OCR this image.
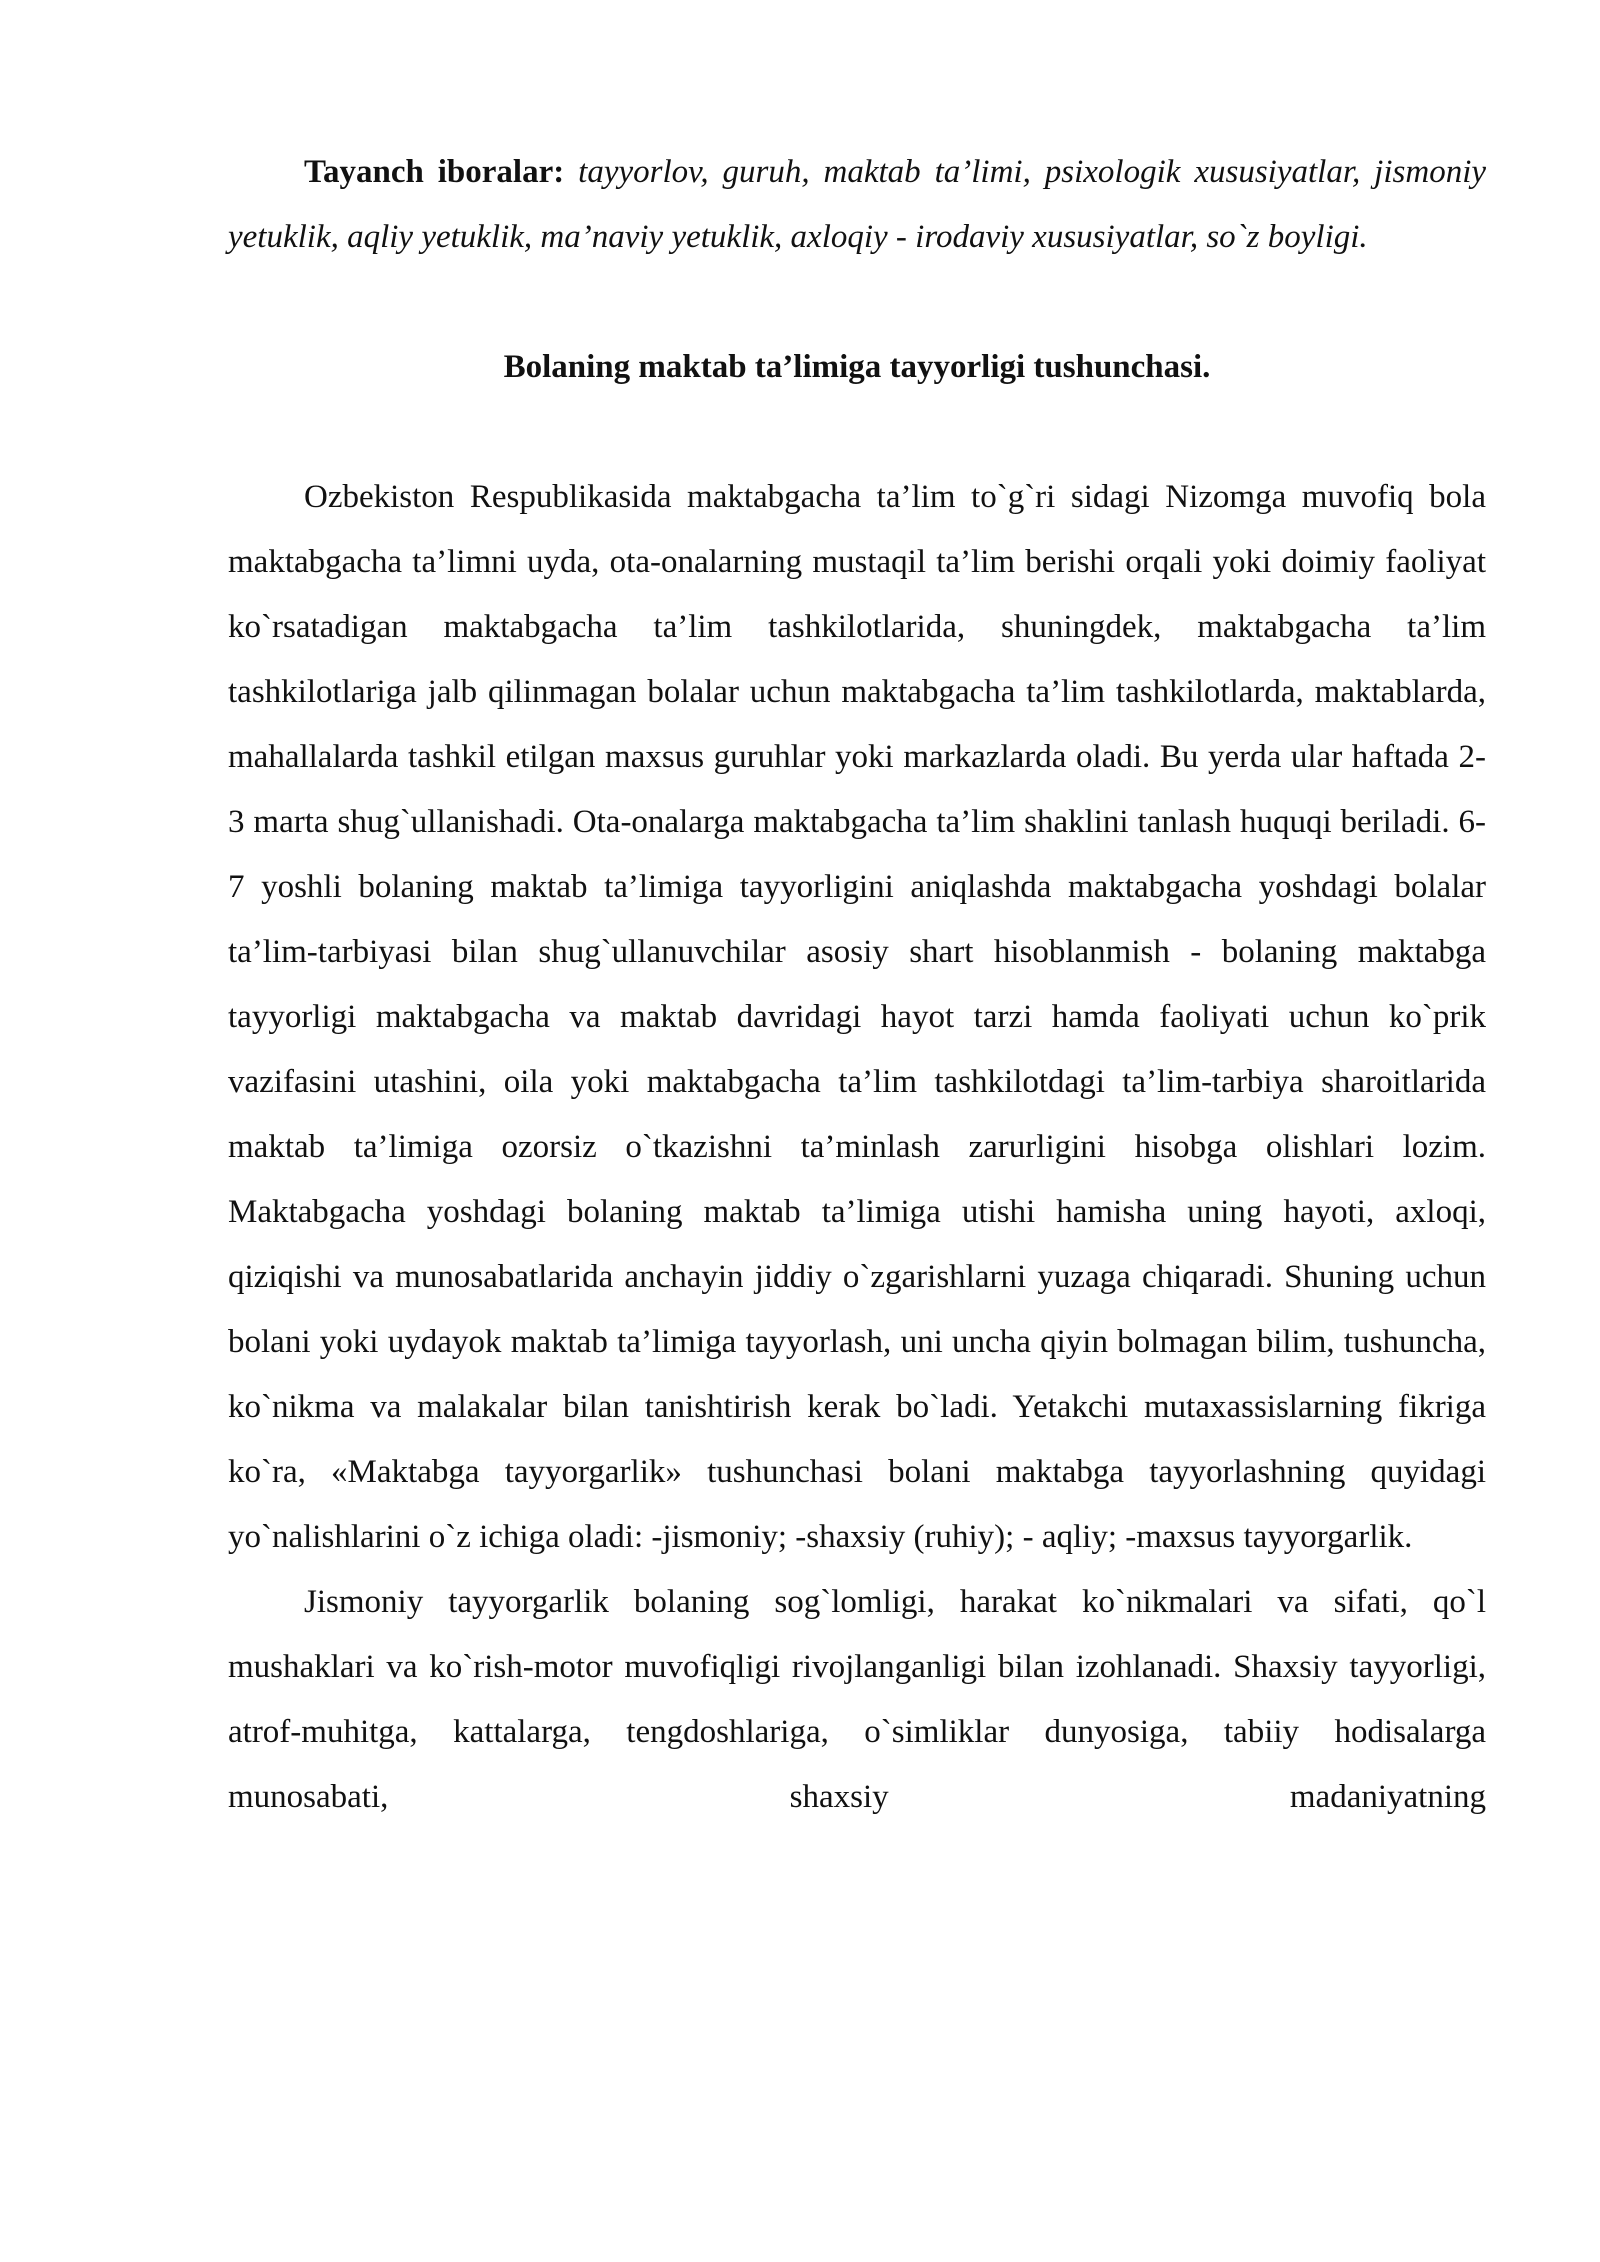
Tayanch iboralar: tayyorlov, guruh, maktab ta’limi, psixologik xususiyatlar, jismoniy yetuklik, aqliy yetuklik, ma’naviy yetuklik, axloqiy - irodaviy xususiyatlar, so`z boyligi.

Bolaning maktab ta’limiga tayyorligi tushunchasi.

Ozbekiston Respublikasida maktabgacha ta’lim to`g`ri sidagi Nizomga muvofiq bola maktabgacha ta’limni uyda, ota-onalarning mustaqil ta’lim berishi orqali yoki doimiy faoliyat ko`rsatadigan maktabgacha ta’lim tashkilotlarida, shuningdek, maktabgacha ta’lim tashkilotlariga jalb qilinmagan bolalar uchun maktabgacha ta’lim tashkilotlarda, maktablarda, mahallalarda tashkil etilgan maxsus guruhlar yoki markazlarda oladi. Bu yerda ular haftada 2-3 marta shug`ullanishadi. Ota-onalarga maktabgacha ta’lim shaklini tanlash huquqi beriladi. 6-7 yoshli bolaning maktab ta’limiga tayyorligini aniqlashda maktabgacha yoshdagi bolalar ta’lim-tarbiyasi bilan shug`ullanuvchilar asosiy shart hisoblanmish - bolaning maktabga tayyorligi maktabgacha va maktab davridagi hayot tarzi hamda faoliyati uchun ko`prik vazifasini utashini, oila yoki maktabgacha ta’lim tashkilotdagi ta’lim-tarbiya sharoitlarida maktab ta’limiga ozorsiz o`tkazishni ta’minlash zarurligini hisobga olishlari lozim. Maktabgacha yoshdagi bolaning maktab ta’limiga utishi hamisha uning hayoti, axloqi, qiziqishi va munosabatlarida anchayin jiddiy o`zgarishlarni yuzaga chiqaradi. Shuning uchun bolani yoki uydayok maktab ta’limiga tayyorlash, uni uncha qiyin bolmagan bilim, tushuncha, ko`nikma va malakalar bilan tanishtirish kerak bo`ladi. Yetakchi mutaxassislarning fikriga ko`ra, «Maktabga tayyorgarlik» tushunchasi bolani maktabga tayyorlashning quyidagi yo`nalishlarini o`z ichiga oladi: -jismoniy; -shaxsiy (ruhiy); - aqliy; -maxsus tayyorgarlik.

Jismoniy tayyorgarlik bolaning sog`lomligi, harakat ko`nikmalari va sifati, qo`l mushaklari va ko`rish-motor muvofiqligi rivojlanganligi bilan izohlanadi. Shaxsiy tayyorligi, atrof-muhitga, kattalarga, tengdoshlariga, o`simliklar dunyosiga, tabiiy hodisalarga munosabati, shaxsiy madaniyatning
